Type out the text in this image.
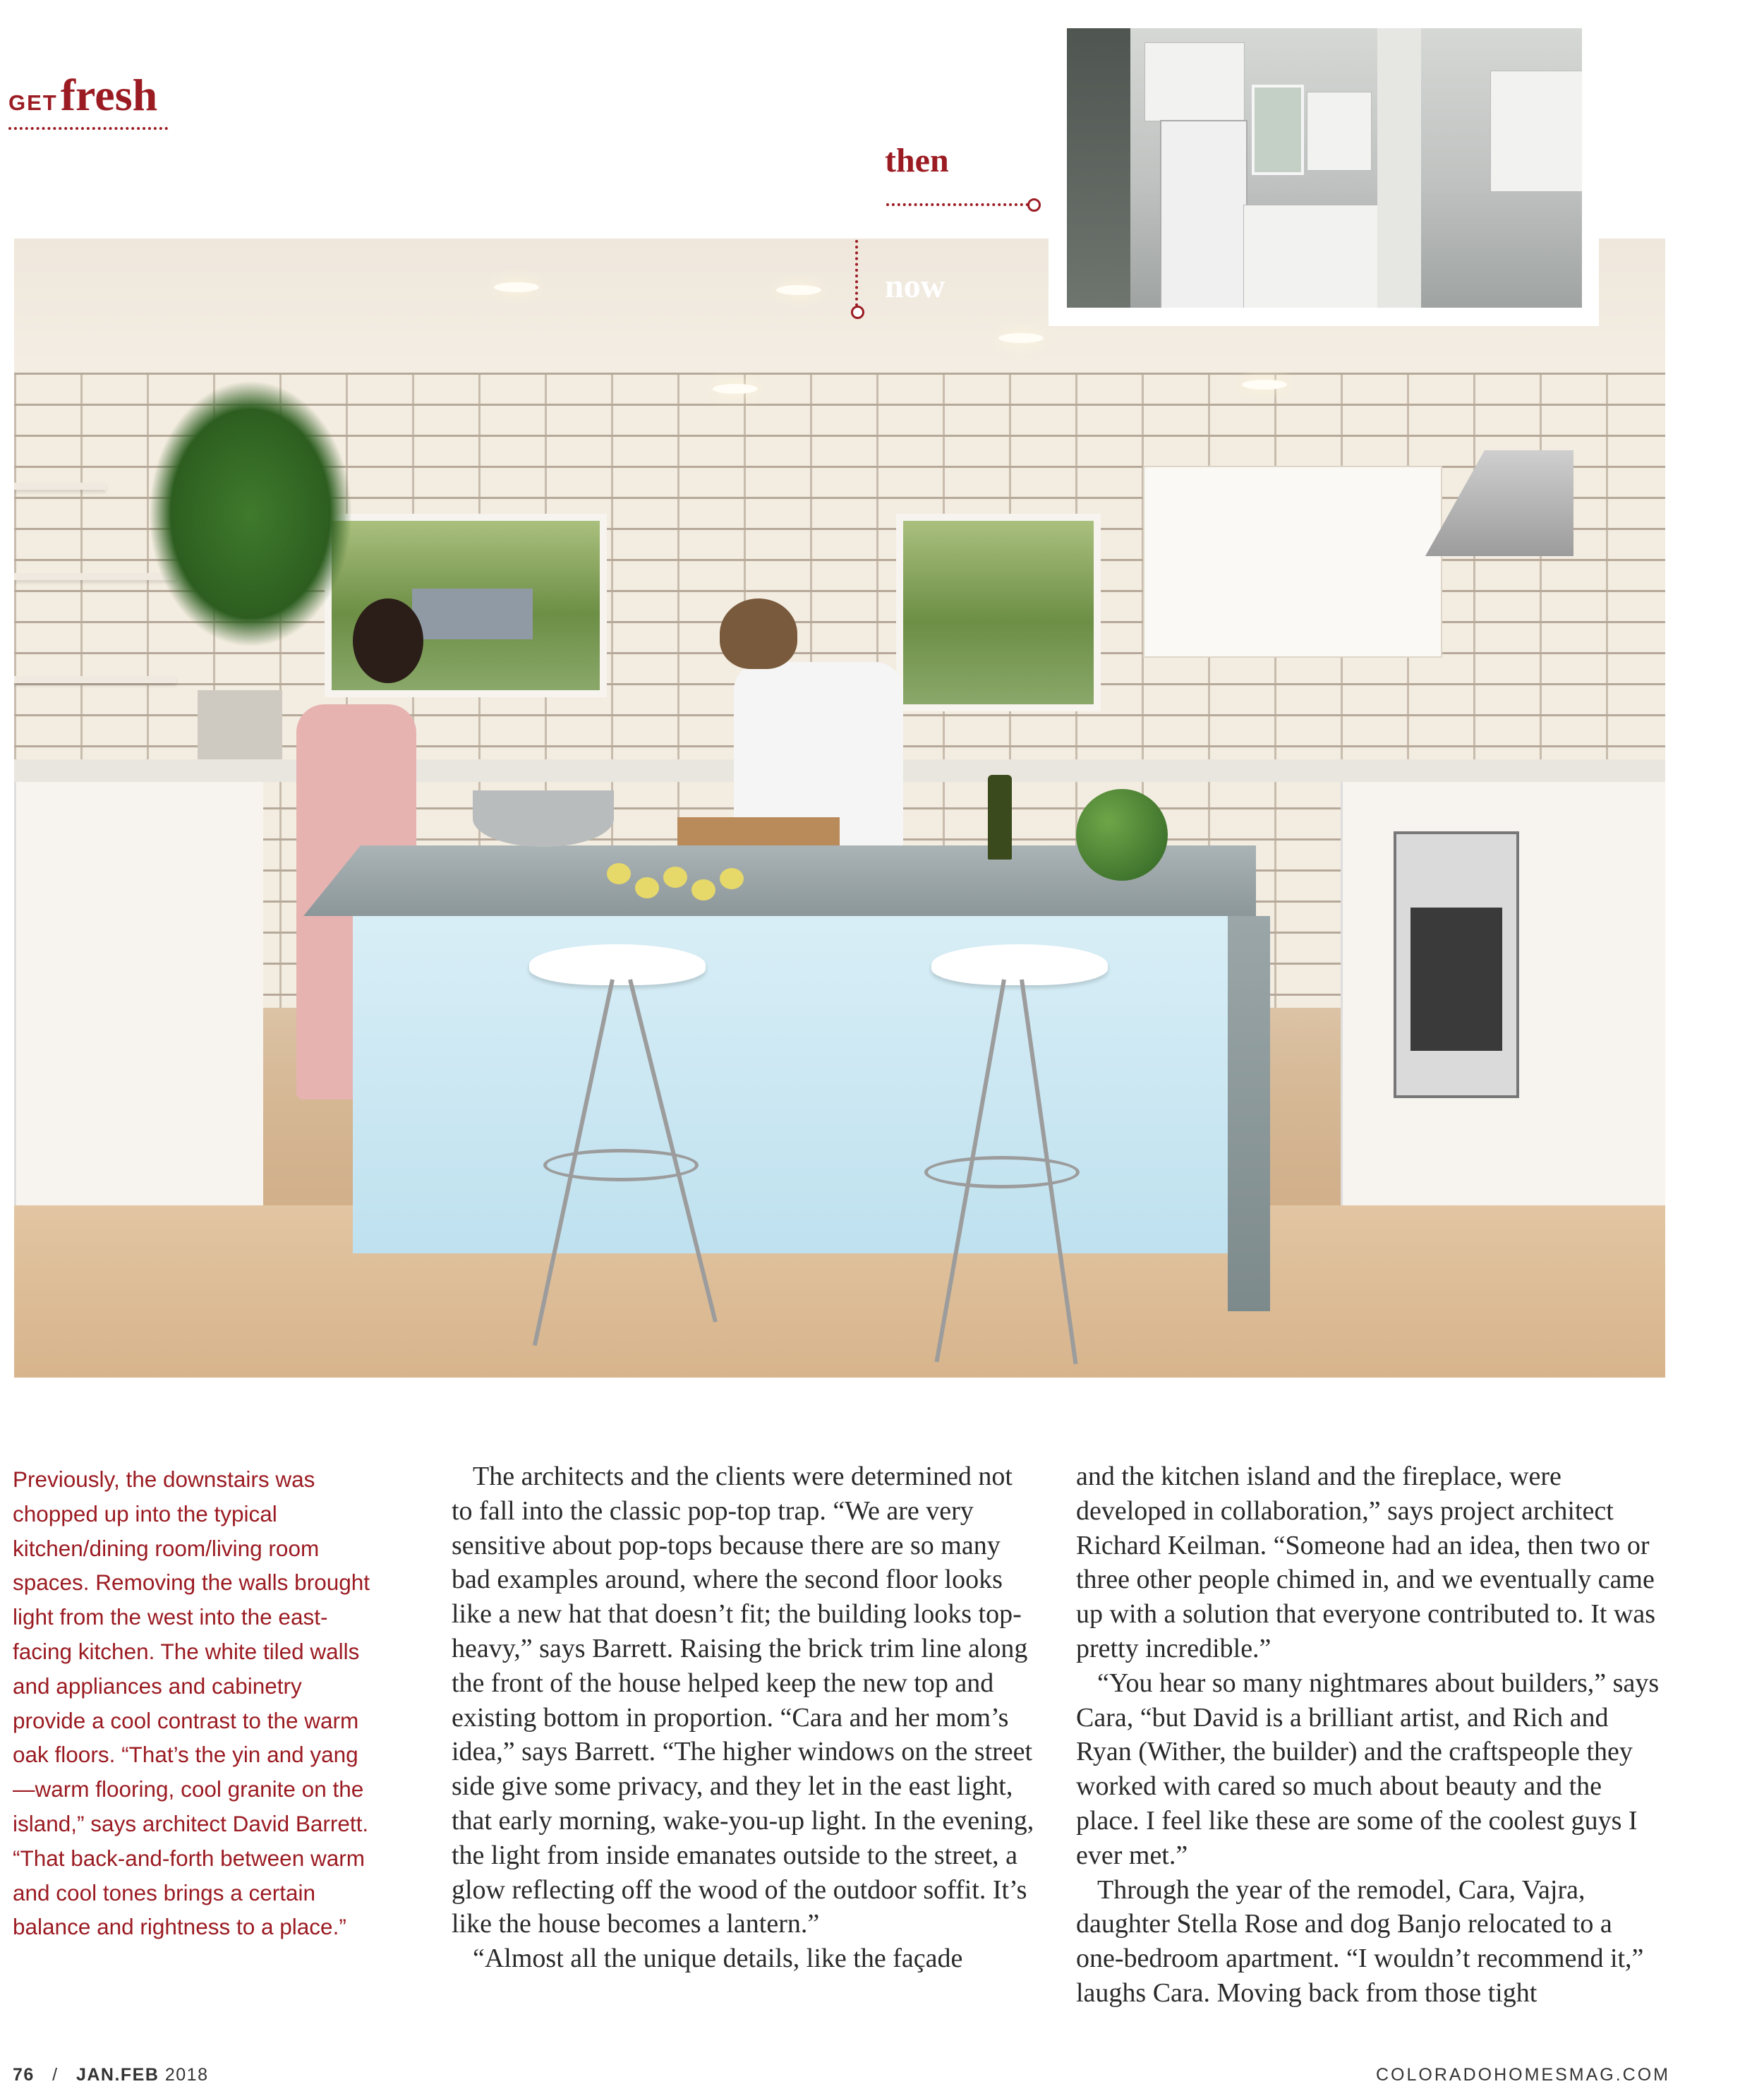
GETfresh
then
now

Previously, the downstairs was chopped up into the typical kitchen/dining room/living room spaces. Removing the walls brought light from the west into the east-facing kitchen. The white tiled walls and appliances and cabinetry provide a cool contrast to the warm oak floors. “That’s the yin and yang—warm flooring, cool granite on the island,” says architect David Barrett. “That back-and-forth between warm and cool tones brings a certain balance and rightness to a place.”

The architects and the clients were determined not to fall into the classic pop-top trap. “We are very sensitive about pop-tops because there are so many bad examples around, where the second floor looks like a new hat that doesn’t fit; the building looks top-heavy,” says Barrett. Raising the brick trim line along the front of the house helped keep the new top and existing bottom in proportion. “Cara and her mom’s idea,” says Barrett. “The higher windows on the street side give some privacy, and they let in the east light, that early morning, wake-you-up light. In the evening, the light from inside emanates outside to the street, a glow reflecting off the wood of the outdoor soffit. It’s like the house becomes a lantern.”

“Almost all the unique details, like the façade

and the kitchen island and the fireplace, were developed in collaboration,” says project architect Richard Keilman. “Someone had an idea, then two or three other people chimed in, and we eventually came up with a solution that everyone contributed to. It was pretty incredible.”

“You hear so many nightmares about builders,” says Cara, “but David is a brilliant artist, and Rich and Ryan (Wither, the builder) and the craftspeople they worked with cared so much about beauty and the place. I feel like these are some of the coolest guys I ever met.”

Through the year of the remodel, Cara, Vajra, daughter Stella Rose and dog Banjo relocated to a one-bedroom apartment. “I wouldn’t recommend it,” laughs Cara. Moving back from those tight

76 / JAN.FEB 2018	COLORADOHOMESMAG.COM
